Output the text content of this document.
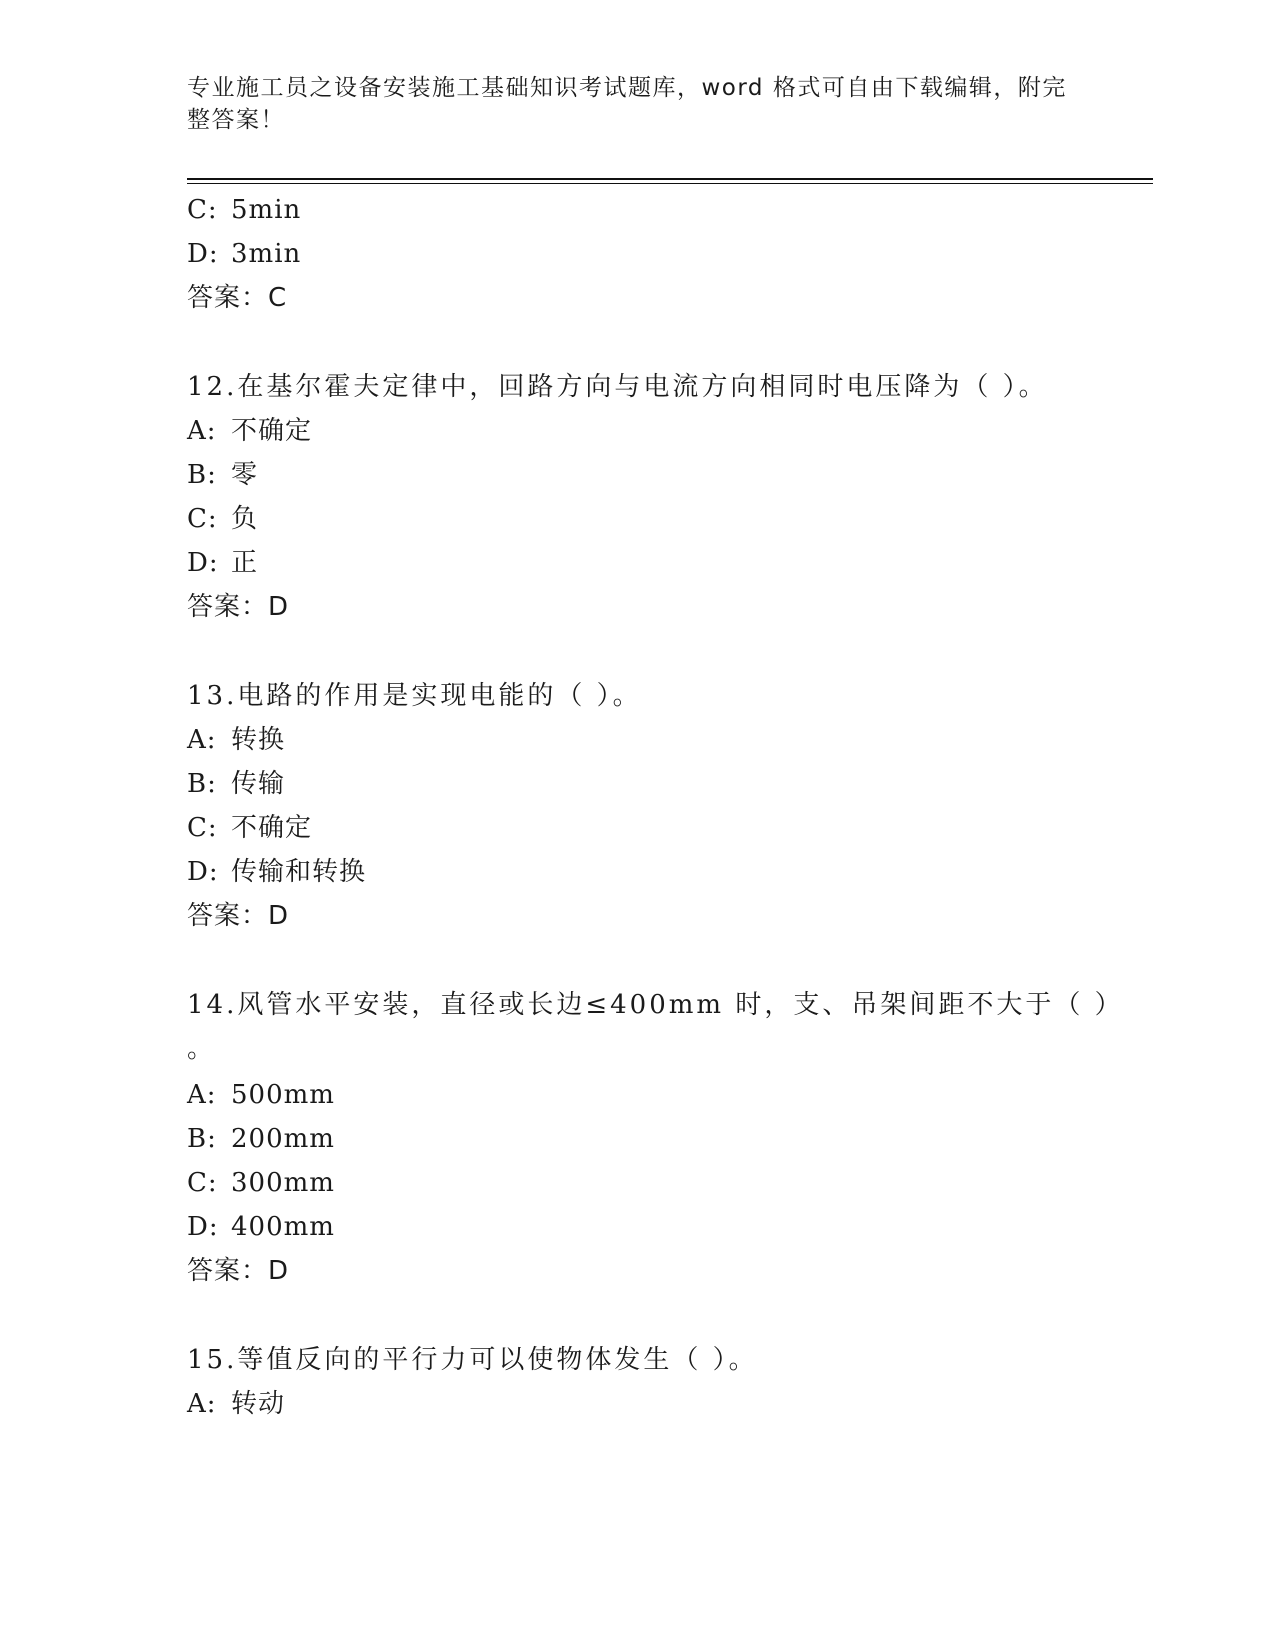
专业施工员之设备安装施工基础知识考试题库，word 格式可自由下载编辑，附完
整答案！
C: 5min
D: 3min
答案：C
12.在基尔霍夫定律中，回路方向与电流方向相同时电压降为（ ）。
A: 不确定
B: 零
C: 负
D: 正
答案：D
13.电路的作用是实现电能的（ ）。
A: 转换
B: 传输
C: 不确定
D: 传输和转换
答案：D
14.风管水平安装，直径或长边≤400mm 时，支、吊架间距不大于（ ）
。
A: 500mm
B: 200mm
C: 300mm
D: 400mm
答案：D
15.等值反向的平行力可以使物体发生（ ）。
A: 转动
